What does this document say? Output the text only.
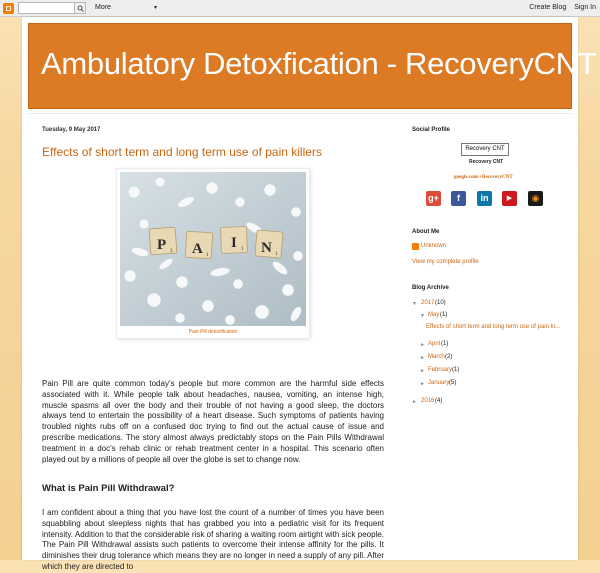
More	▾	Create Blog Sign In
Ambulatory Detoxfication - RecoveryCNT
Tuesday, 9 May 2017
Effects of short term and long term use of pain killers
P 3 A 1
I 1 N 1
Pain Pill detoxification

Pain Pill are quite common today's people but more common are the harmful side effects associated with it. While people talk about headaches, nausea, vomiting, an intense high, muscle spasms all over the body and their trouble of not having a good sleep, the doctors always tend to entertain the possibility of a heart disease. Such symptoms of patients having troubled nights rubs off on a confused doc trying to find out the actual cause of issue and prescribe medications. The story almost always predictably stops on the Pain Pills Withdrawal treatment in a doc's rehab clinic or rehab treatment center in a hospital. This scenario often played out by a millions of people all over the globe is set to change now.

What is Pain Pill Withdrawal?

I am confident about a thing that you have lost the count of a number of times you have been squabbling about sleepless nights that has grabbed you into a pediatric visit for its frequent intensity. Addition to that the considerable risk of sharing a waiting room airtight with sick people. The Pain Pill Withdrawal assists such patients to overcome their intense affinity for the pills. It diminishes their drug tolerance which means they are no longer in need a supply of any pill. After which they are directed to

Social Profile
Recovery CNT
Recovery CNT
google.com/+RecoveryCNT
g+	f	in	▶	◉
About Me
Unknown
View my complete profile
Blog Archive
▼ 2017 (10)
▼ May (1)
Effects of short term and long term use of pain ki...
► April (1)
► March (2)
► February (1)
► January (5)
► 2016 (4)
